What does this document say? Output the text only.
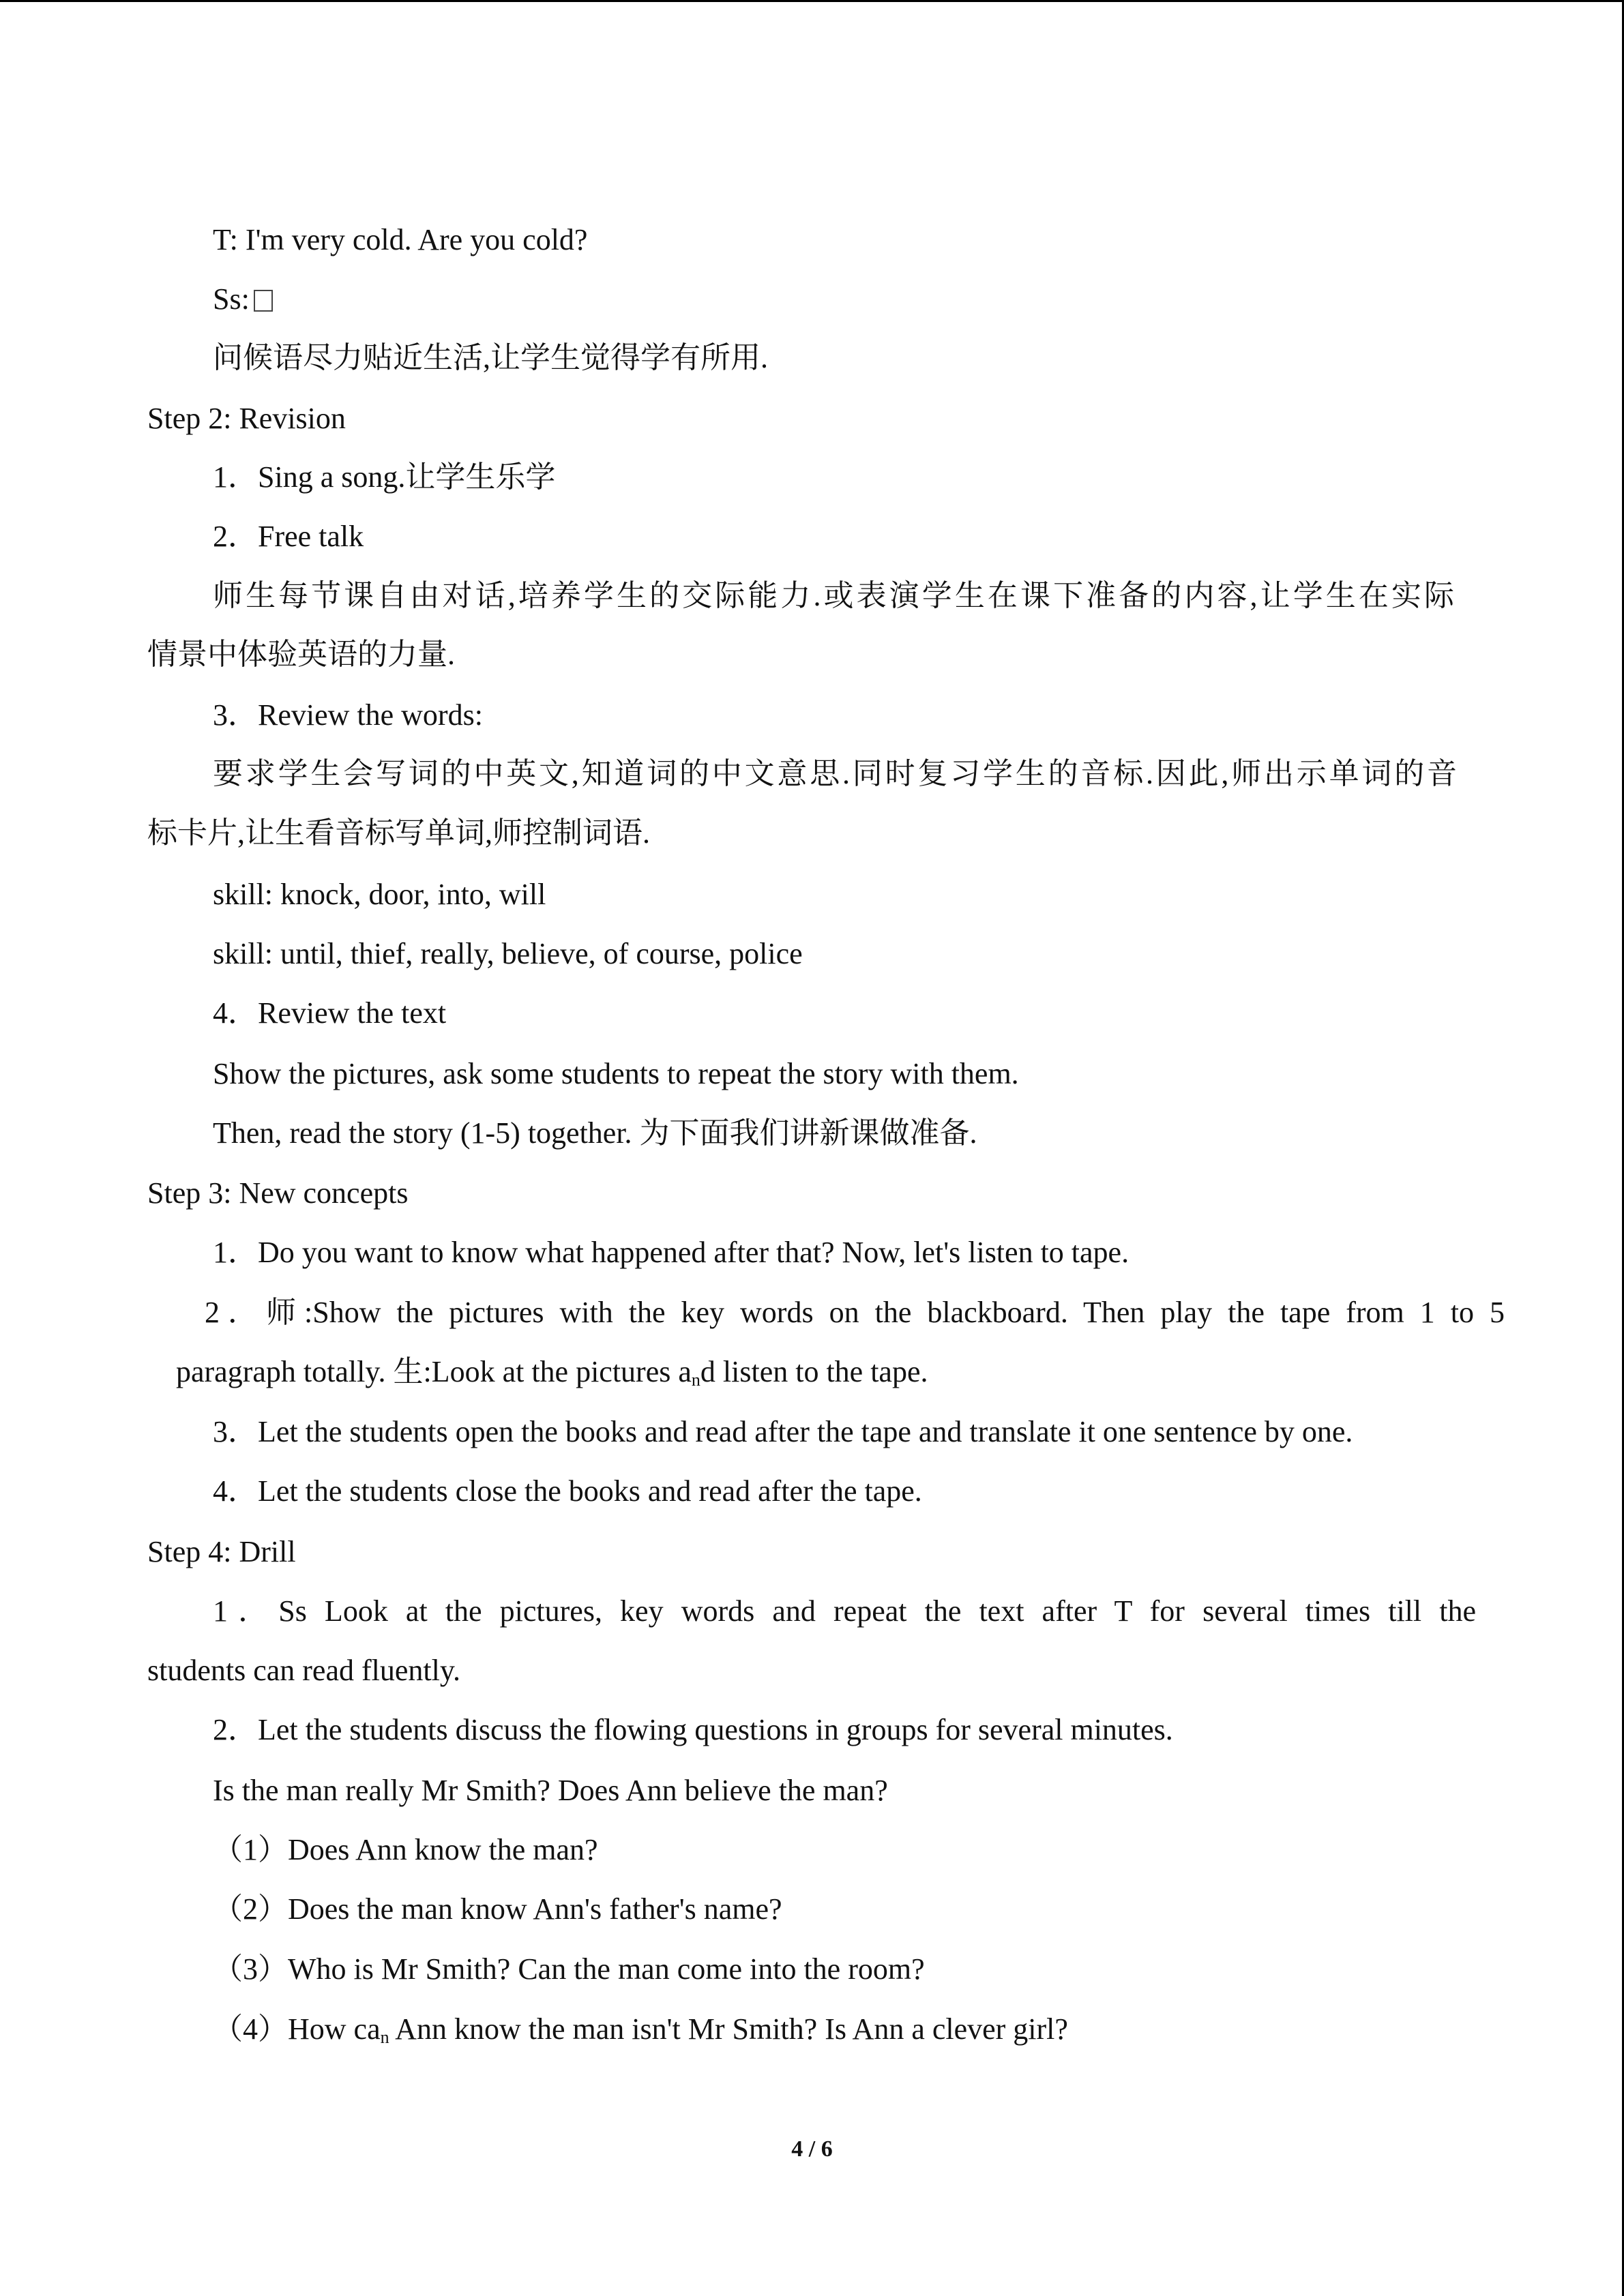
T: I'm very cold. Are you cold?
Ss:
问候语尽力贴近生活,让学生觉得学有所用.
Step 2: Revision
1．Sing a song.让学生乐学
2．Free talk
师生每节课自由对话,培养学生的交际能力.或表演学生在课下准备的内容,让学生在实际
情景中体验英语的力量.
3．Review the words:
要求学生会写词的中英文,知道词的中文意思.同时复习学生的音标.因此,师出示单词的音
标卡片,让生看音标写单词,师控制词语.
skill: knock, door, into, will
skill: until, thief, really, believe, of course, police
4．Review the text
Show the pictures, ask some students to repeat the story with them.
Then, read the story (1-5) together. 为下面我们讲新课做准备.
Step 3: New concepts
1．Do you want to know what happened after that? Now, let's listen to tape.
2．师:Show the pictures with the key words on the blackboard. Then play the tape from 1 to 5
paragraph totally. 生:Look at the pictures $a_nd$ listen to the tape.
3．Let the students open the books and read after the tape and translate it one sentence by one.
4．Let the students close the books and read after the tape.
Step 4: Drill
1．Ss Look at the pictures, key words and repeat the text after T for several times till the
students can read fluently.
2．Let the students discuss the flowing questions in groups for several minutes.
Is the man really Mr Smith? Does Ann believe the man?
（1）Does Ann know the man?
（2）Does the man know Ann's father's name?
（3）Who is Mr Smith? Can the man come into the room?
（4）How $ca_n$ Ann know the man isn't Mr Smith? Is Ann a clever girl?
4 / 6
